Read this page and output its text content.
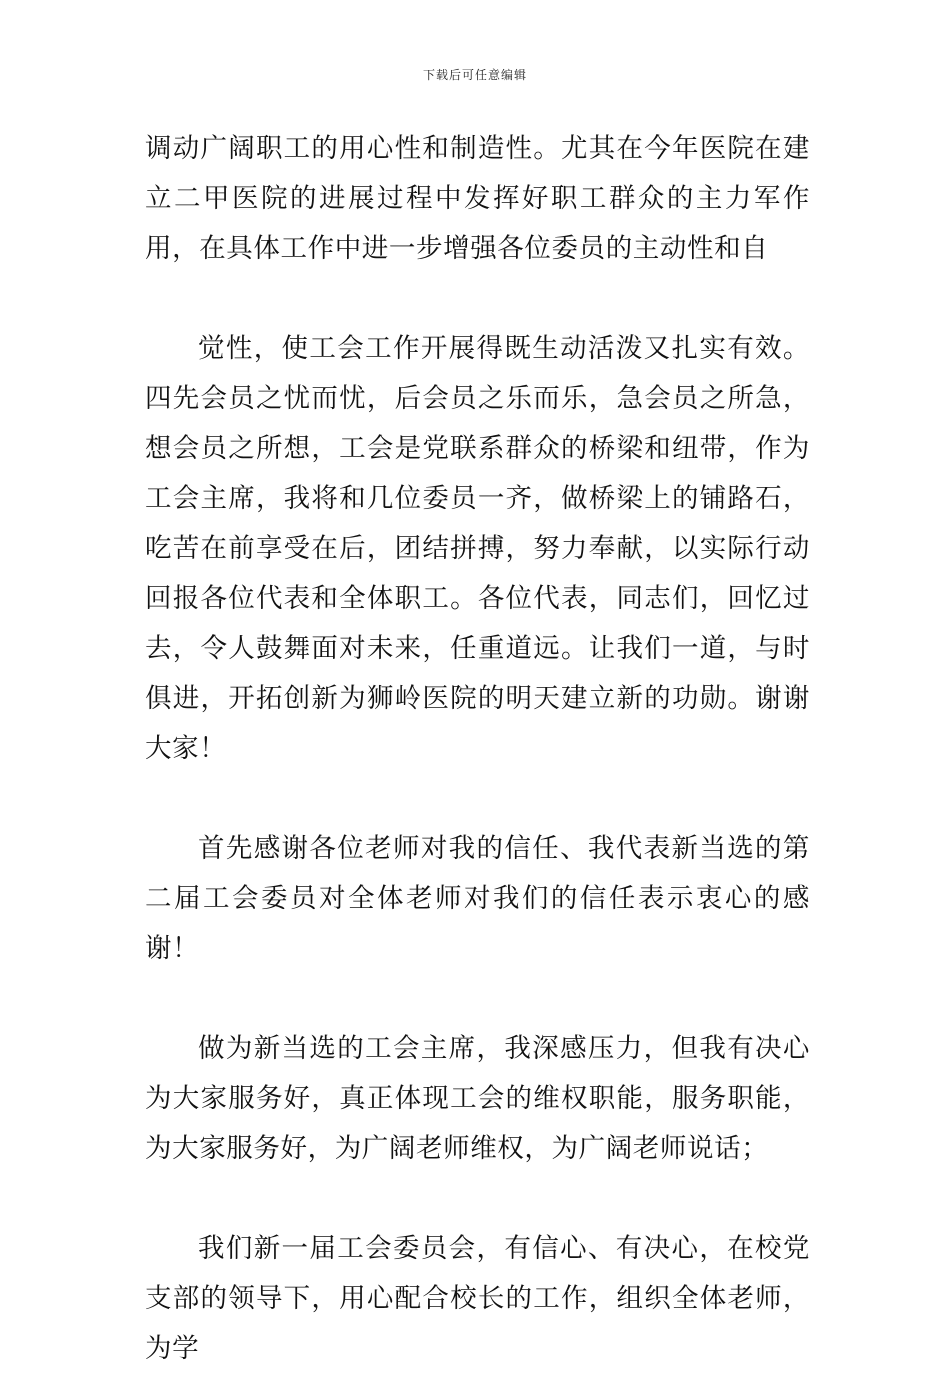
下载后可任意编辑

调动广阔职工的用心性和制造性。尤其在今年医院在建立二甲医院的进展过程中发挥好职工群众的主力军作用，在具体工作中进一步增强各位委员的主动性和自

觉性，使工会工作开展得既生动活泼又扎实有效。四先会员之忧而忧，后会员之乐而乐，急会员之所急，想会员之所想，工会是党联系群众的桥梁和纽带，作为工会主席，我将和几位委员一齐，做桥梁上的铺路石，吃苦在前享受在后，团结拼搏，努力奉献，以实际行动回报各位代表和全体职工。各位代表，同志们，回忆过去，令人鼓舞面对未来，任重道远。让我们一道，与时俱进，开拓创新为狮岭医院的明天建立新的功勋。谢谢大家！

首先感谢各位老师对我的信任、我代表新当选的第二届工会委员对全体老师对我们的信任表示衷心的感谢！

做为新当选的工会主席，我深感压力，但我有决心为大家服务好，真正体现工会的维权职能，服务职能，为大家服务好，为广阔老师维权，为广阔老师说话；

我们新一届工会委员会，有信心、有决心，在校党支部的领导下，用心配合校长的工作，组织全体老师，为学
